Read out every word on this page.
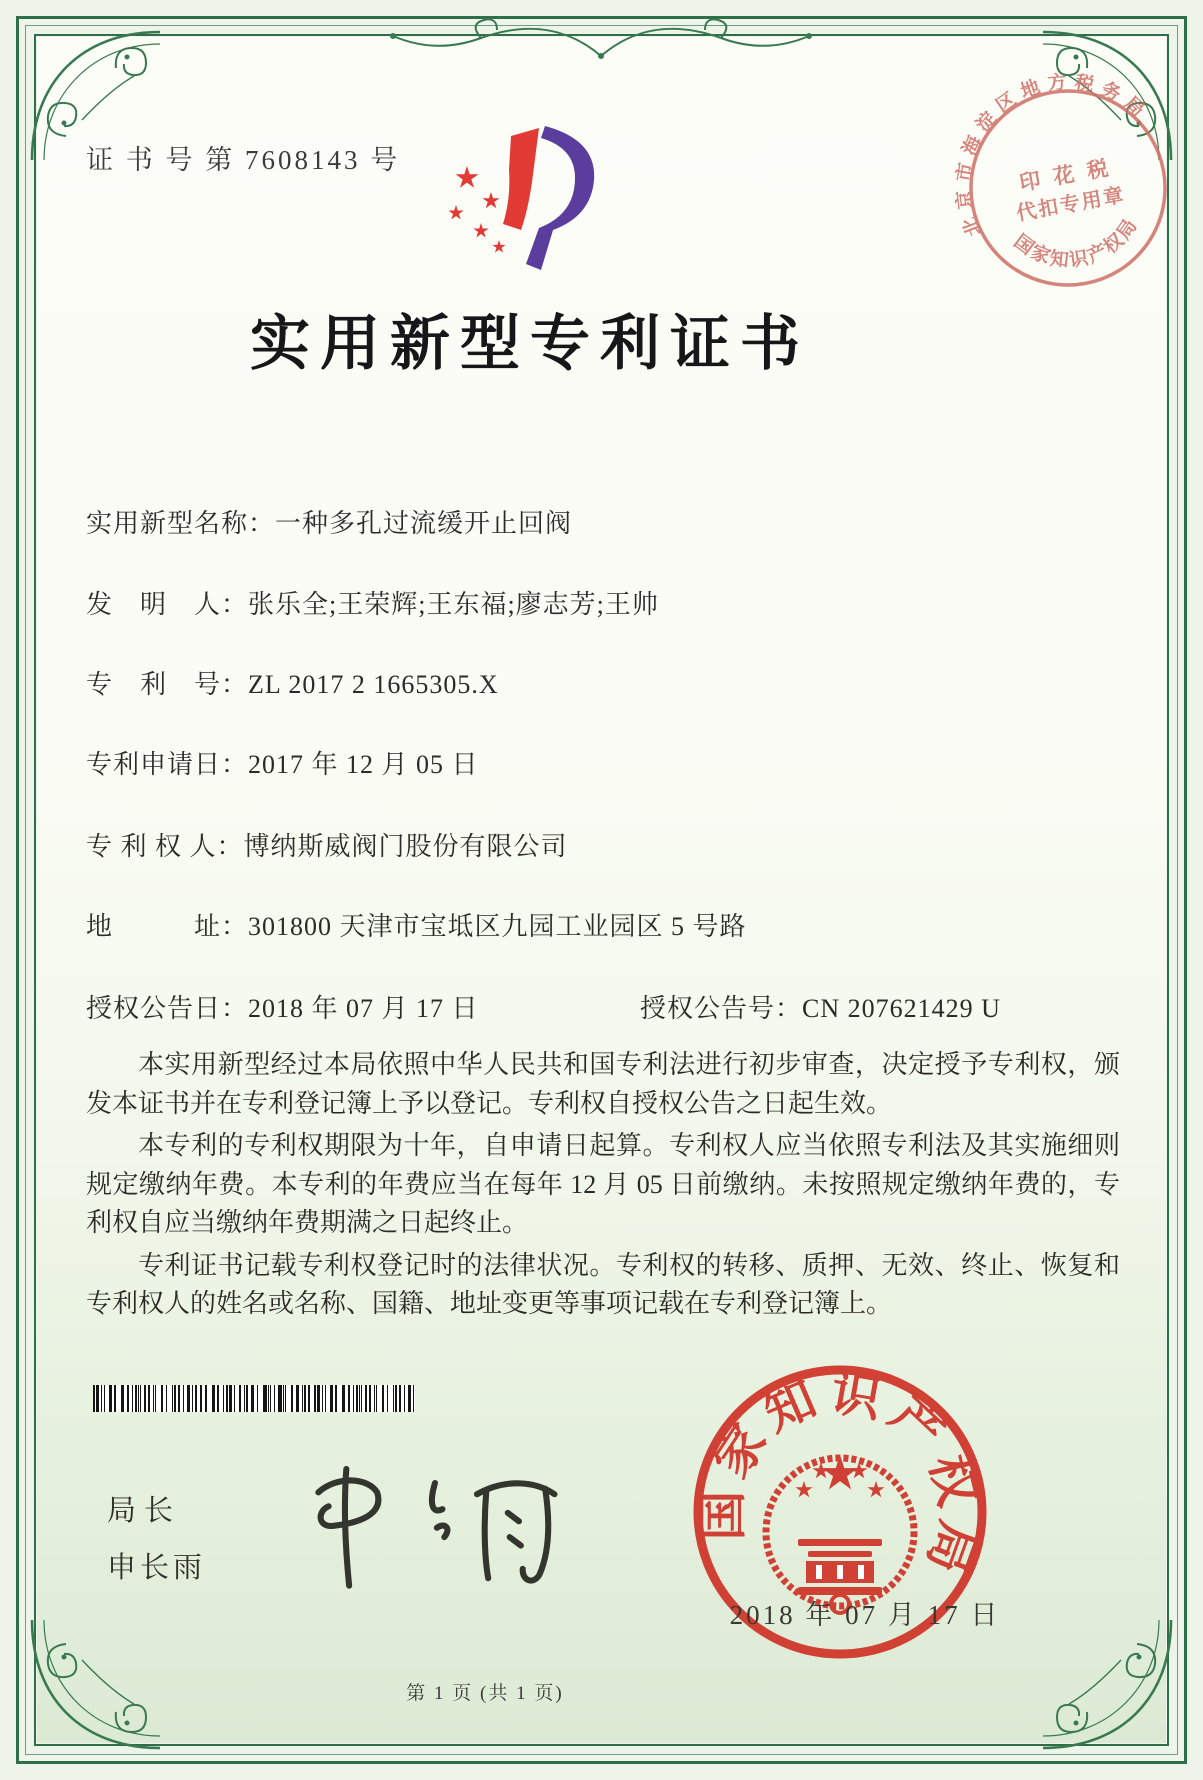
证 书 号 第 7608143 号
北京市海淀区地方税务局
国家知识产权局
印 花 税
代扣专用章
实用新型专利证书
实用新型名称：一种多孔过流缓开止回阀
发　明　人：张乐全;王荣辉;王东福;廖志芳;王帅
专　利　号：ZL 2017 2 1665305.X
专利申请日：2017 年 12 月 05 日
专 利 权 人：博纳斯威阀门股份有限公司
地　　　址：301800 天津市宝坻区九园工业园区 5 号路
授权公告日：2018 年 07 月 17 日	授权公告号：CN 207621429 U

本实用新型经过本局依照中华人民共和国专利法进行初步审查，决定授予专利权，颁发本证书并在专利登记簿上予以登记。专利权自授权公告之日起生效。

本专利的专利权期限为十年，自申请日起算。专利权人应当依照专利法及其实施细则规定缴纳年费。本专利的年费应当在每年 12 月 05 日前缴纳。未按照规定缴纳年费的，专利权自应当缴纳年费期满之日起终止。

专利证书记载专利权登记时的法律状况。专利权的转移、质押、无效、终止、恢复和专利权人的姓名或名称、国籍、地址变更等事项记载在专利登记簿上。

局长
申长雨
国家知识产权局
2018 年 07 月 17 日
第 1 页 (共 1 页)
